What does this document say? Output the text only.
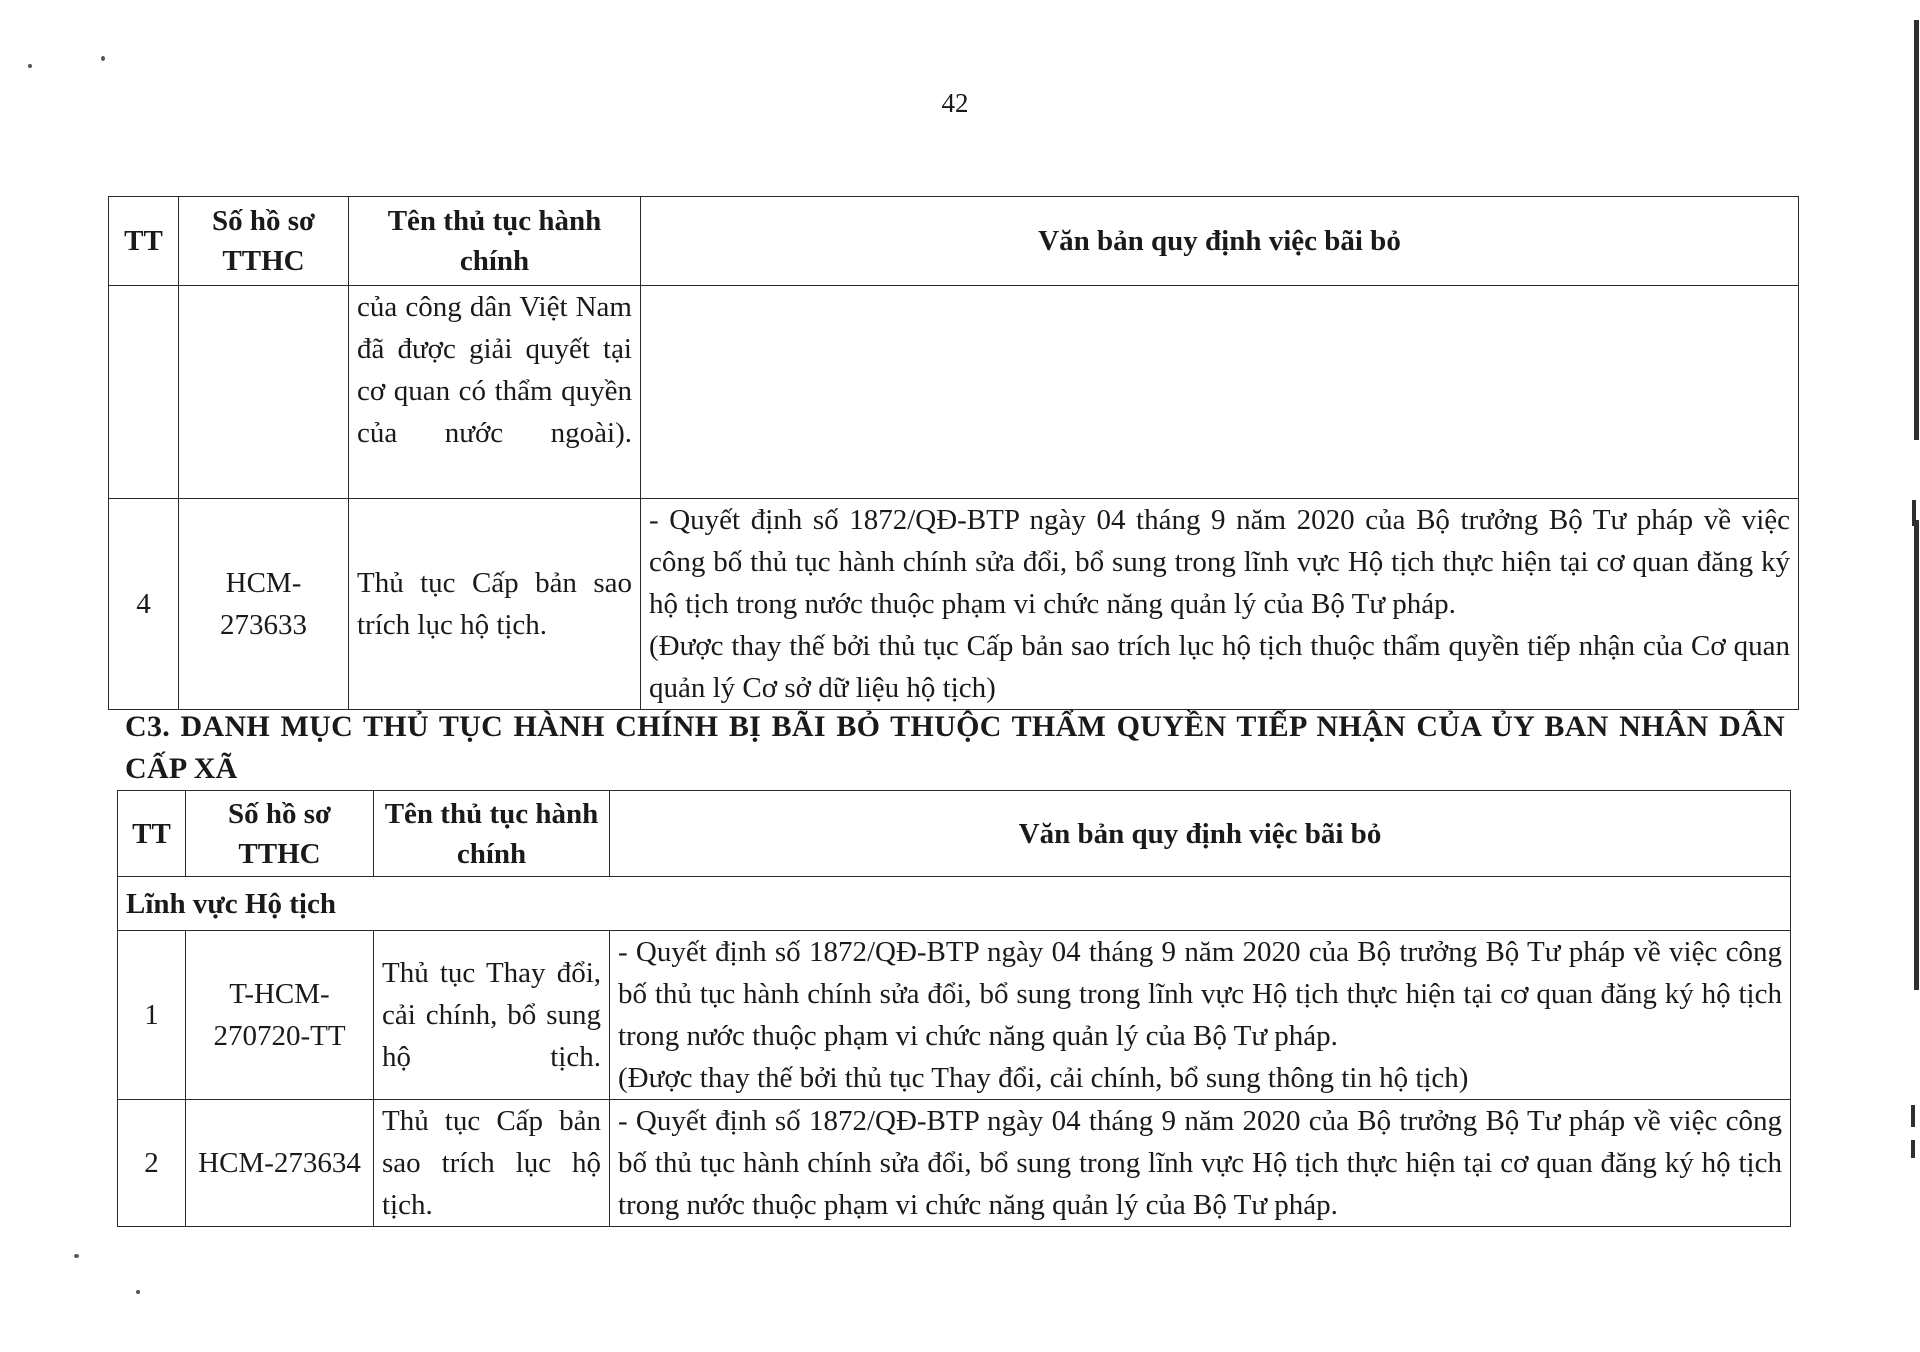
42
TT	Số hồ sơ TTHC	Tên thủ tục hành chính	Văn bản quy định việc bãi bỏ
		của công dân Việt Nam đã được giải quyết tại cơ quan có thẩm quyền của nước ngoài).	
4	HCM-273633	Thủ tục Cấp bản sao trích lục hộ tịch.	- Quyết định số 1872/QĐ-BTP ngày 04 tháng 9 năm 2020 của Bộ trưởng Bộ Tư pháp về việc công bố thủ tục hành chính sửa đổi, bổ sung trong lĩnh vực Hộ tịch thực hiện tại cơ quan đăng ký hộ tịch trong nước thuộc phạm vi chức năng quản lý của Bộ Tư pháp.

(Được thay thế bởi thủ tục Cấp bản sao trích lục hộ tịch thuộc thẩm quyền tiếp nhận của Cơ quan quản lý Cơ sở dữ liệu hộ tịch)

C3. DANH MỤC THỦ TỤC HÀNH CHÍNH BỊ BÃI BỎ THUỘC THẨM QUYỀN TIẾP NHẬN CỦA ỦY BAN NHÂN DÂN CẤP XÃ
TT	Số hồ sơ TTHC	Tên thủ tục hành chính	Văn bản quy định việc bãi bỏ
Lĩnh vực Hộ tịch			
1	T-HCM-270720-TT	Thủ tục Thay đổi, cải chính, bổ sung hộ tịch.	- Quyết định số 1872/QĐ-BTP ngày 04 tháng 9 năm 2020 của Bộ trưởng Bộ Tư pháp về việc công bố thủ tục hành chính sửa đổi, bổ sung trong lĩnh vực Hộ tịch thực hiện tại cơ quan đăng ký hộ tịch trong nước thuộc phạm vi chức năng quản lý của Bộ Tư pháp.

(Được thay thế bởi thủ tục Thay đổi, cải chính, bổ sung thông tin hộ tịch)

2	HCM-273634	Thủ tục Cấp bản sao trích lục hộ tịch.	- Quyết định số 1872/QĐ-BTP ngày 04 tháng 9 năm 2020 của Bộ trưởng Bộ Tư pháp về việc công bố thủ tục hành chính sửa đổi, bổ sung trong lĩnh vực Hộ tịch thực hiện tại cơ quan đăng ký hộ tịch trong nước thuộc phạm vi chức năng quản lý của Bộ Tư pháp.
